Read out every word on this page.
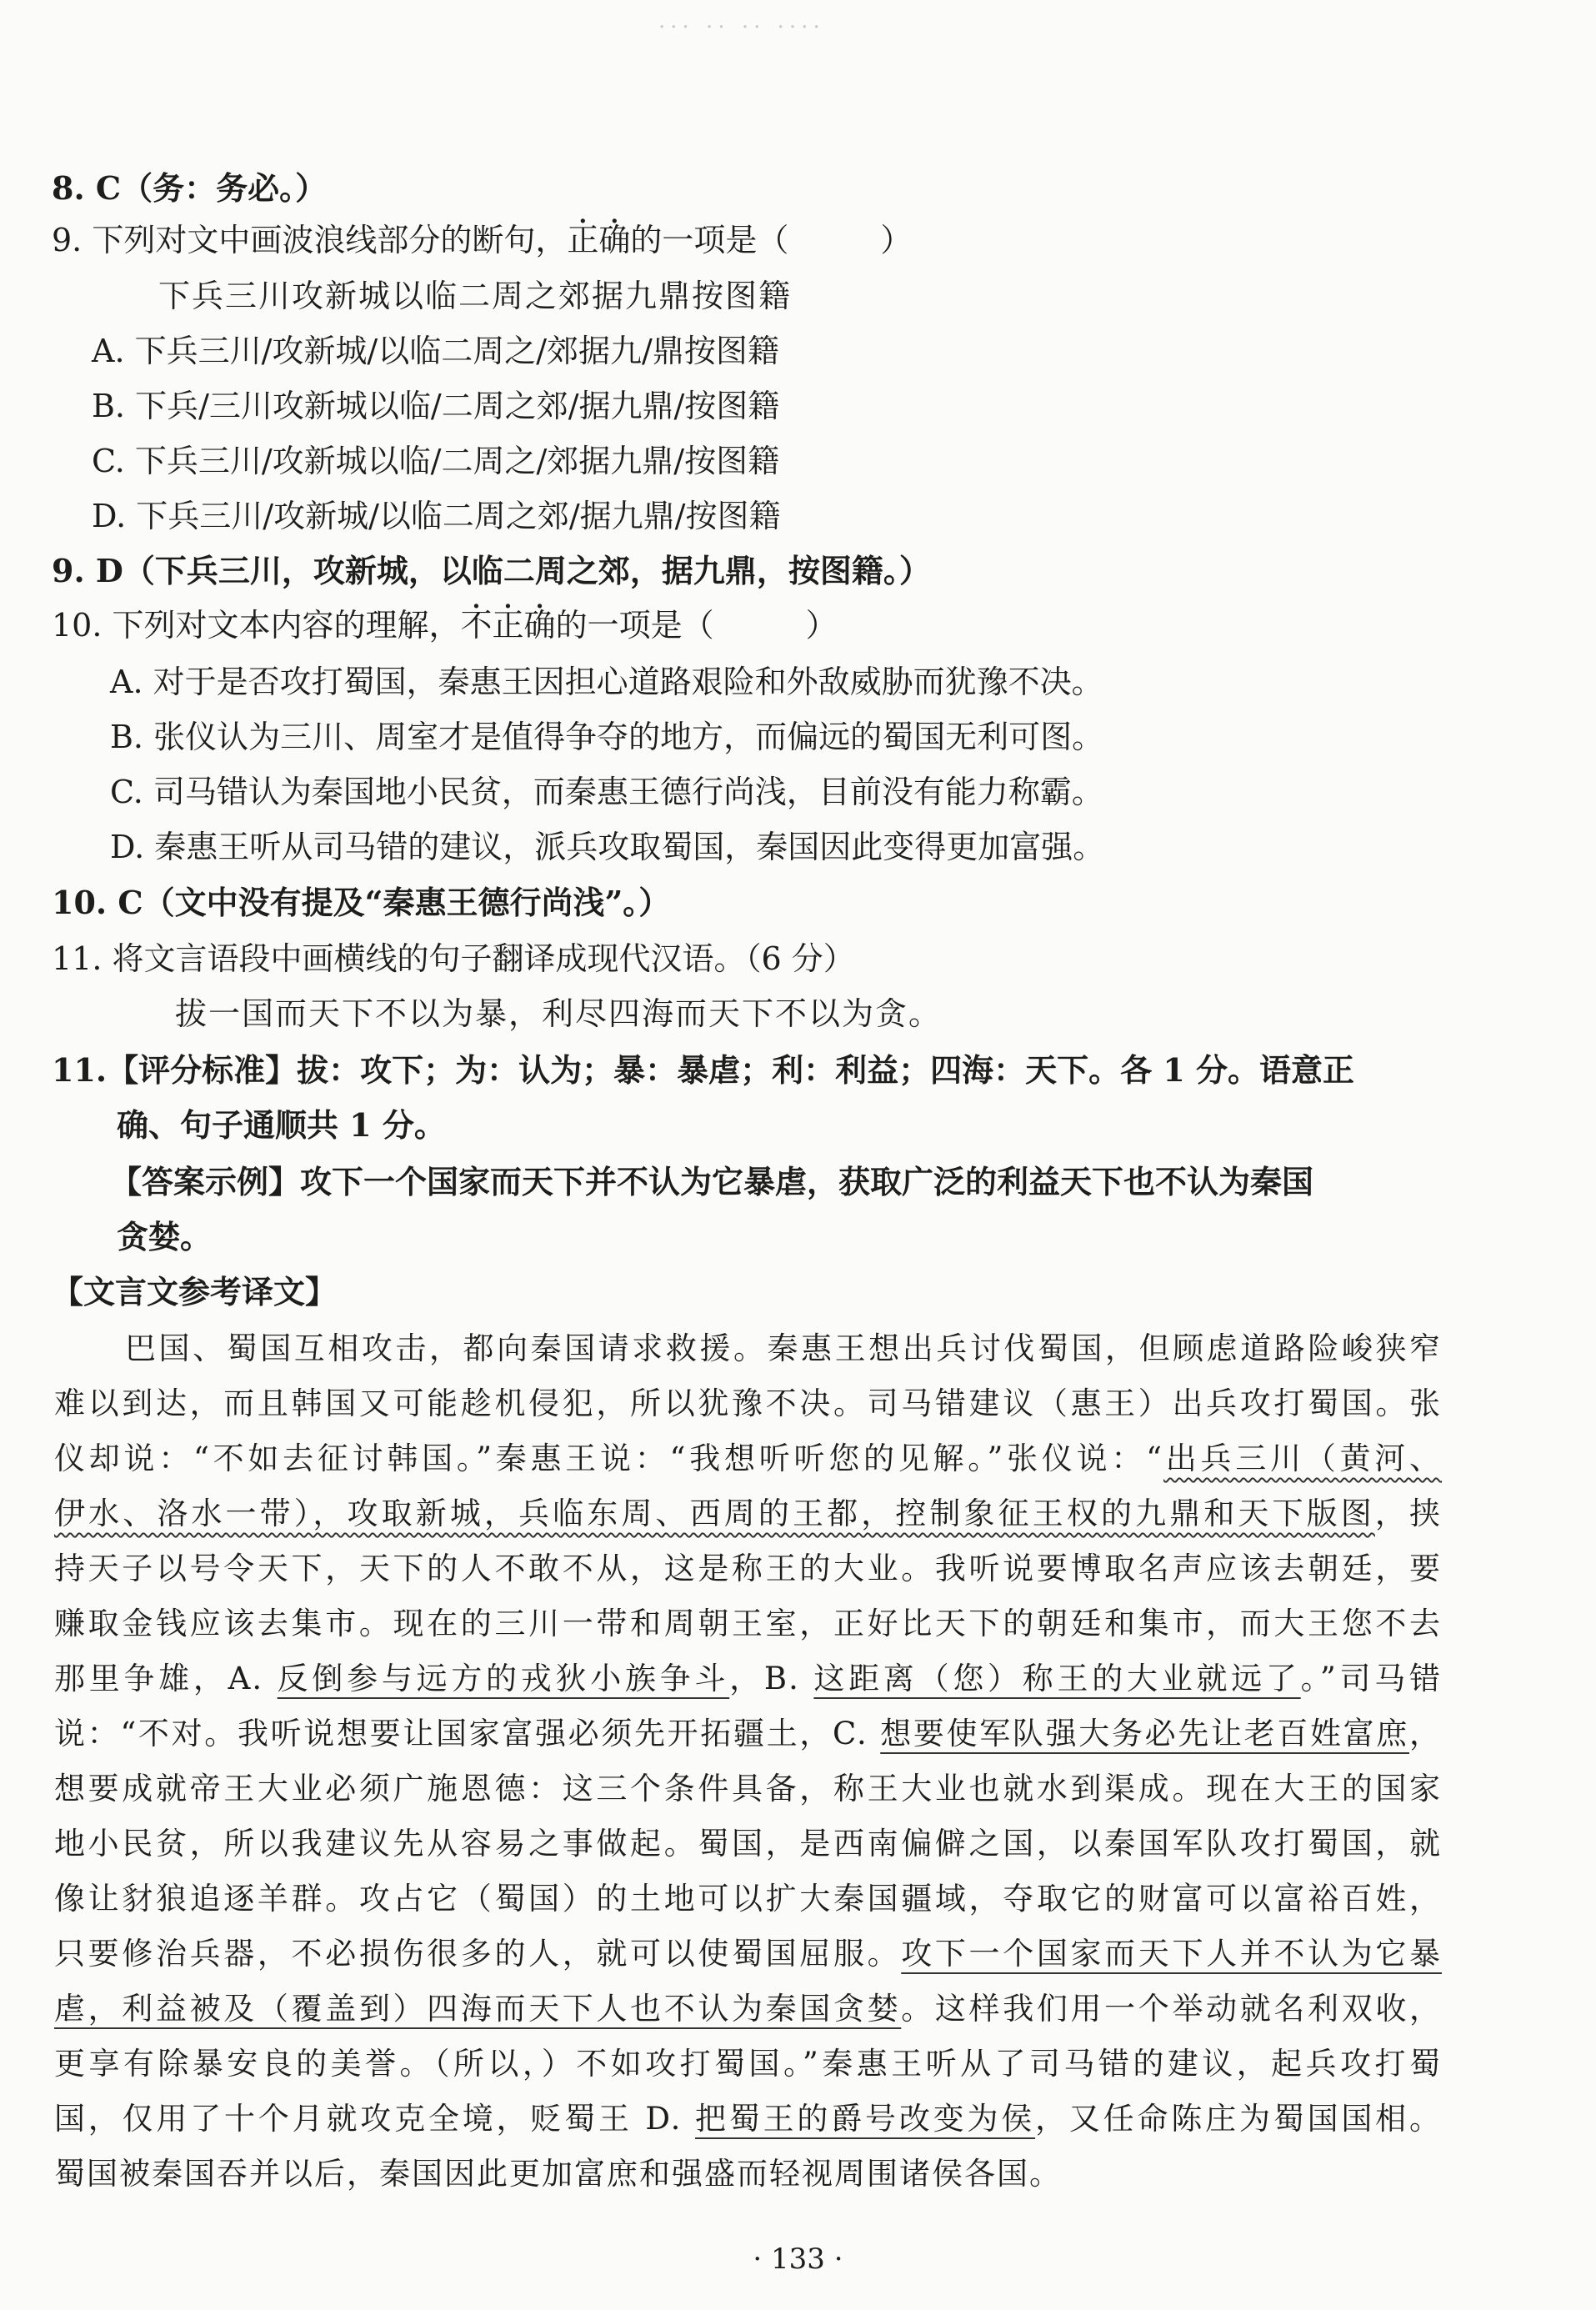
··· ·· ·· ····
8. C（务：务必。）
9. 下列对文中画波浪线部分的断句，正确的一项是（	）
下兵三川攻新城以临二周之郊据九鼎按图籍
A. 下兵三川/攻新城/以临二周之/郊据九/鼎按图籍
B. 下兵/三川攻新城以临/二周之郊/据九鼎/按图籍
C. 下兵三川/攻新城以临/二周之/郊据九鼎/按图籍
D. 下兵三川/攻新城/以临二周之郊/据九鼎/按图籍
9. D（下兵三川，攻新城，以临二周之郊，据九鼎，按图籍。）
10. 下列对文本内容的理解，不正确的一项是（	）
A. 对于是否攻打蜀国，秦惠王因担心道路艰险和外敌威胁而犹豫不决。
B. 张仪认为三川、周室才是值得争夺的地方，而偏远的蜀国无利可图。
C. 司马错认为秦国地小民贫，而秦惠王德行尚浅，目前没有能力称霸。
D. 秦惠王听从司马错的建议，派兵攻取蜀国，秦国因此变得更加富强。
10. C（文中没有提及“秦惠王德行尚浅”。）
11. 将文言语段中画横线的句子翻译成现代汉语。（6 分）
拔一国而天下不以为暴，利尽四海而天下不以为贪。
11.【评分标准】拔：攻下；为：认为；暴：暴虐；利：利益；四海：天下。各 1 分。语意正
确、句子通顺共 1 分。
【答案示例】攻下一个国家而天下并不认为它暴虐，获取广泛的利益天下也不认为秦国
贪婪。
【文言文参考译文】
巴国、蜀国互相攻击，都向秦国请求救援。秦惠王想出兵讨伐蜀国，但顾虑道路险峻狭窄
难以到达，而且韩国又可能趁机侵犯，所以犹豫不决。司马错建议（惠王）出兵攻打蜀国。张
仪却说：“不如去征讨韩国。”秦惠王说：“我想听听您的见解。”张仪说：“出兵三川（黄河、
伊水、洛水一带），攻取新城，兵临东周、西周的王都，控制象征王权的九鼎和天下版图，挟
持天子以号令天下，天下的人不敢不从，这是称王的大业。我听说要博取名声应该去朝廷，要
赚取金钱应该去集市。现在的三川一带和周朝王室，正好比天下的朝廷和集市，而大王您不去
那里争雄，A. 反倒参与远方的戎狄小族争斗，B. 这距离（您）称王的大业就远了。”司马错
说：“不对。我听说想要让国家富强必须先开拓疆土，C. 想要使军队强大务必先让老百姓富庶，
想要成就帝王大业必须广施恩德：这三个条件具备，称王大业也就水到渠成。现在大王的国家
地小民贫，所以我建议先从容易之事做起。蜀国，是西南偏僻之国，以秦国军队攻打蜀国，就
像让豺狼追逐羊群。攻占它（蜀国）的土地可以扩大秦国疆域，夺取它的财富可以富裕百姓，
只要修治兵器，不必损伤很多的人，就可以使蜀国屈服。攻下一个国家而天下人并不认为它暴
虐，利益被及（覆盖到）四海而天下人也不认为秦国贪婪。这样我们用一个举动就名利双收，
更享有除暴安良的美誉。（所以，）不如攻打蜀国。”秦惠王听从了司马错的建议，起兵攻打蜀
国，仅用了十个月就攻克全境，贬蜀王 D. 把蜀王的爵号改变为侯，又任命陈庄为蜀国国相。
蜀国被秦国吞并以后，秦国因此更加富庶和强盛而轻视周围诸侯各国。
· 133 ·
